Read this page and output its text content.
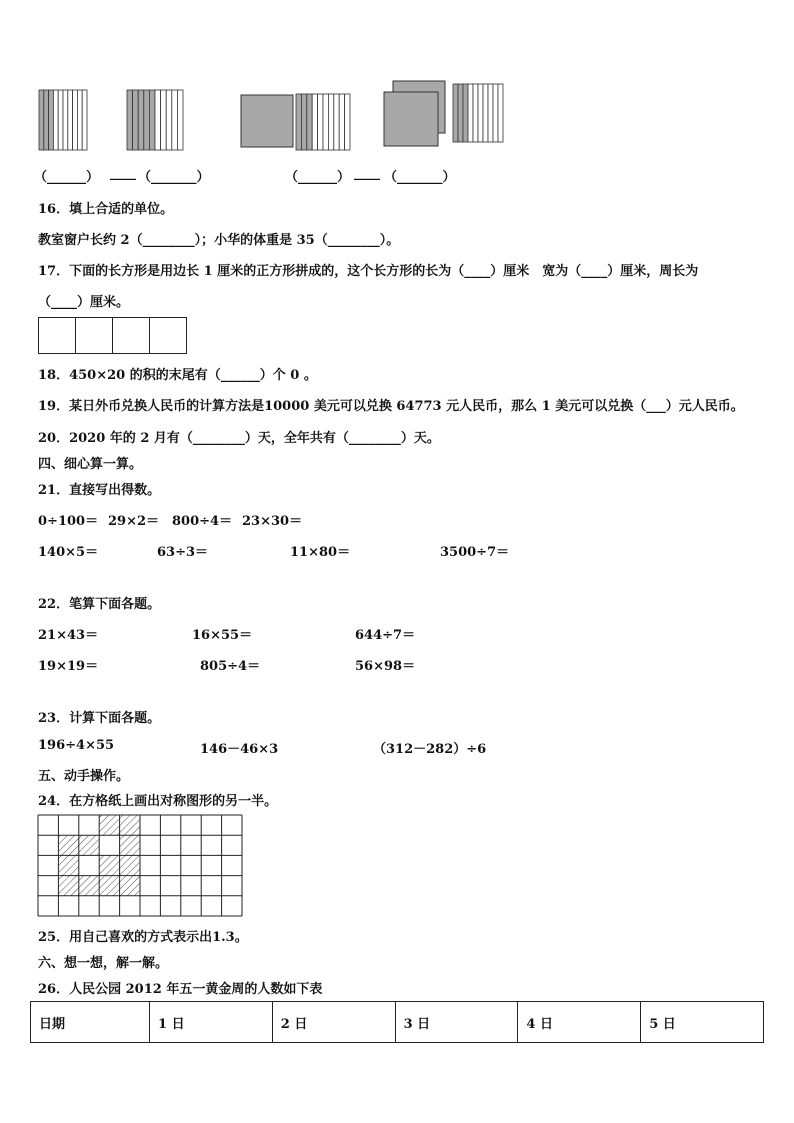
（______） ____ （_______）	（______） ____ （_______）
16．填上合适的单位。
教室窗户长约 2（________）；小华的体重是 35（________）。
17．下面的长方形是用边长 1 厘米的正方形拼成的，这个长方形的长为（____）厘米　宽为（____）厘米，周长为
（____）厘米。
18．450×20 的积的末尾有（______）个 0 。
19．某日外币兑换人民币的计算方法是10000 美元可以兑换 64773 元人民币，那么 1 美元可以兑换（___）元人民币。
20．2020 年的 2 月有（________）天，全年共有（________）天。
四、细心算一算。
21．直接写出得数。
0÷100＝ 29×2＝ 800÷4＝ 23×30＝
140×5＝	63÷3＝	11×80＝	3500÷7＝
22．笔算下面各题。
21×43＝	16×55＝	644÷7＝
19×19＝	805÷4＝	56×98＝
23．计算下面各题。
196÷4×55	146－46×3	（312－282）÷6
五、动手操作。
24．在方格纸上画出对称图形的另一半。
25．用自己喜欢的方式表示出1.3。
六、想一想，解一解。
26．人民公园 2012 年五一黄金周的人数如下表
日期	1 日	2 日	3 日	4 日	5 日
